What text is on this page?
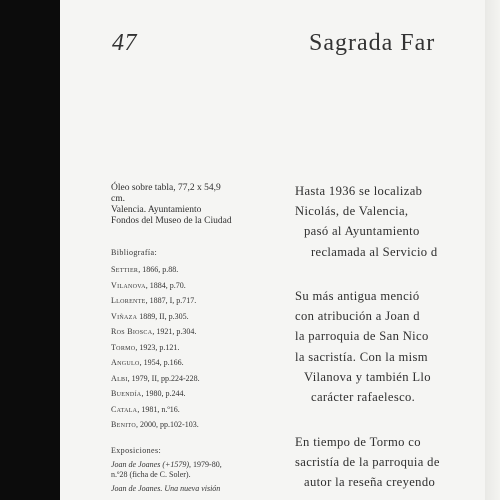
47	Sagrada Far
Óleo sobre tabla, 77,2 x 54,9
cm.
Valencia. Ayuntamiento
Fondos del Museo de la Ciudad
Bibliografía:
Settier, 1866, p.88.
Vilanova, 1884, p.70.
Llorente, 1887, I, p.717.
Viñaza 1889, II, p.305.
Ros Biosca, 1921, p.304.
Tormo, 1923, p.121.
Angulo, 1954, p.166.
Albi, 1979, II, pp.224-228.
Buendía, 1980, p.244.
Catala, 1981, n.º16.
Benito, 2000, pp.102-103.
Exposiciones:
Joan de Joanes (+1579), 1979-80,
n.º28 (ficha de C. Soler).
Joan de Joanes. Una nueva visión
Hasta 1936 se localizab
Nicolás, de Valencia,
pasó al Ayuntamiento
reclamada al Servicio d
Su más antigua menció
con atribución a Joan d
la parroquia de San Nico
la sacristía. Con la mism
Vilanova y también Llo
carácter rafaelesco.
En tiempo de Tormo co
sacristía de la parroquia de
autor la reseña creyendo
